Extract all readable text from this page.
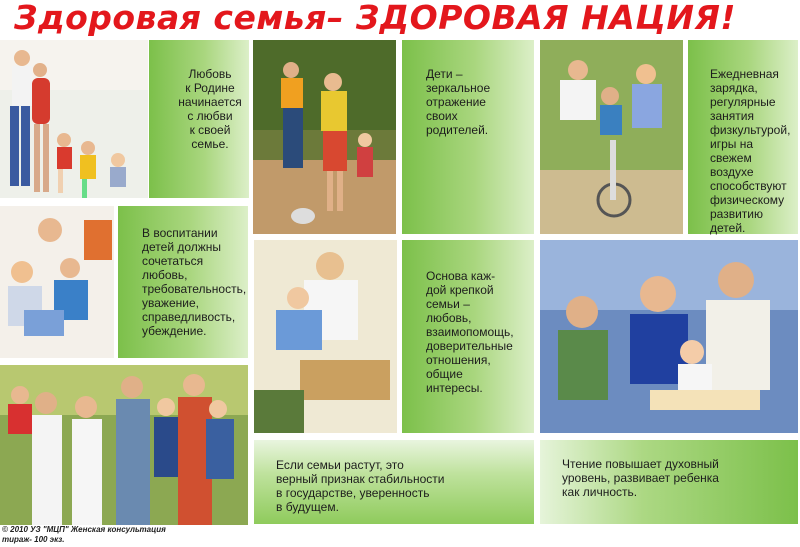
Здоровая семья– ЗДОРОВАЯ НАЦИЯ!
Любовь
к Родине
начинается
с любви
к своей семье.
Дети –
зеркальное
отражение
своих
родителей.
Ежедневная
зарядка,
регулярные
занятия
физкультурой,
игры на свежем
воздухе
способствуют
физическому
развитию детей.
В воспитании
детей должны
сочетаться
любовь,
требовательность,
уважение,
справедливость,
убеждение.
Основа каж-
дой крепкой
семьи –
любовь,
взаимопомощь,
доверительные
отношения,
общие
интересы.
Если семьи растут, это
верный признак стабильности
в государстве, уверенность
в будущем.
Чтение повышает духовный
уровень, развивает ребенка
как личность.
© 2010 УЗ "МЦП" Женская консультация
тираж- 100 экз.
